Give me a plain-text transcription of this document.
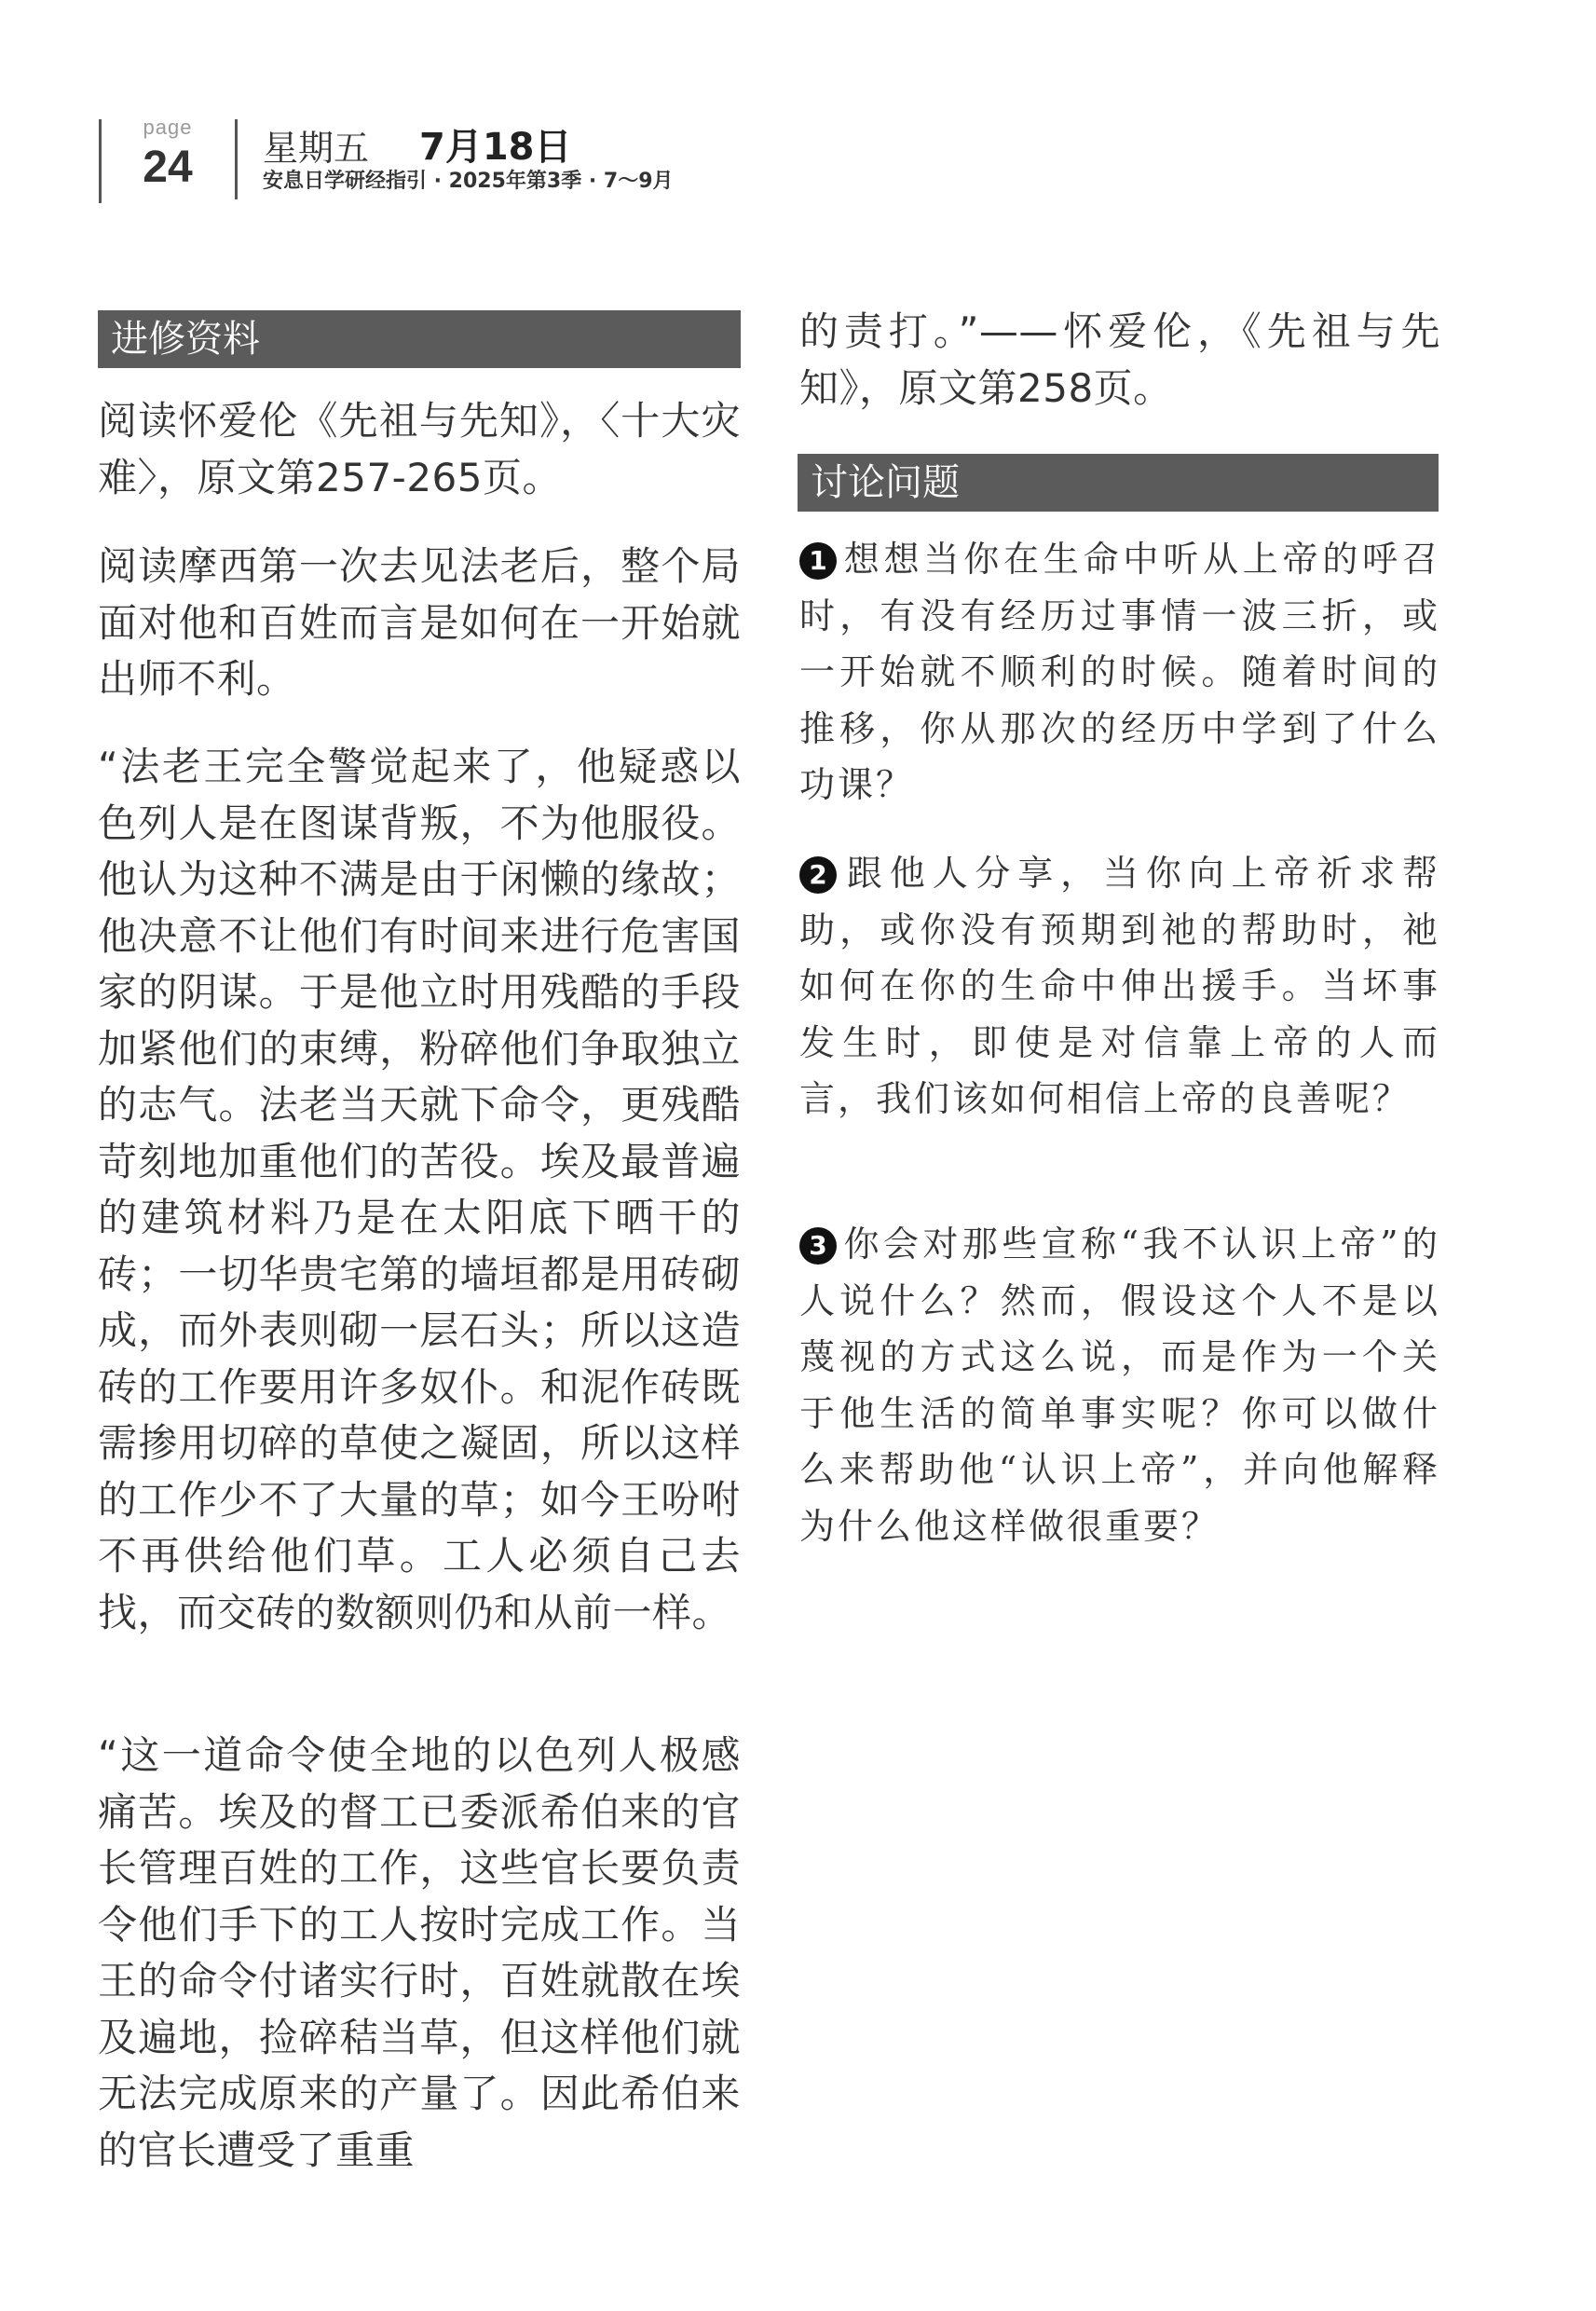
page
24	星期五 7月18日
安息日学研经指引 · 2025年第3季 · 7～9月
进修资料
阅读怀爱伦《先祖与先知》，〈十大灾难〉，原文第257-265页。
阅读摩西第一次去见法老后，整个局面对他和百姓而言是如何在一开始就出师不利。
“法老王完全警觉起来了，他疑惑以色列人是在图谋背叛，不为他服役。他认为这种不满是由于闲懒的缘故；他决意不让他们有时间来进行危害国家的阴谋。于是他立时用残酷的手段加紧他们的束缚，粉碎他们争取独立的志气。法老当天就下命令，更残酷苛刻地加重他们的苦役。埃及最普遍的建筑材料乃是在太阳底下晒干的砖；一切华贵宅第的墙垣都是用砖砌成，而外表则砌一层石头；所以这造砖的工作要用许多奴仆。和泥作砖既需掺用切碎的草使之凝固，所以这样的工作少不了大量的草；如今王吩咐不再供给他们草。工人必须自己去找，而交砖的数额则仍和从前一样。
“这一道命令使全地的以色列人极感痛苦。埃及的督工已委派希伯来的官长管理百姓的工作，这些官长要负责令他们手下的工人按时完成工作。当王的命令付诸实行时，百姓就散在埃及遍地，捡碎秸当草，但这样他们就无法完成原来的产量了。因此希伯来的官长遭受了重重
的责打。”——怀爱伦，《先祖与先知》，原文第258页。
讨论问题
1 想想当你在生命中听从上帝的呼召时，有没有经历过事情一波三折，或一开始就不顺利的时候。随着时间的推移，你从那次的经历中学到了什么功课？
2 跟他人分享，当你向上帝祈求帮助，或你没有预期到祂的帮助时，祂如何在你的生命中伸出援手。当坏事发生时，即使是对信靠上帝的人而言，我们该如何相信上帝的良善呢？
3 你会对那些宣称“我不认识上帝”的人说什么？然而，假设这个人不是以蔑视的方式这么说，而是作为一个关于他生活的简单事实呢？你可以做什么来帮助他“认识上帝”，并向他解释为什么他这样做很重要？
